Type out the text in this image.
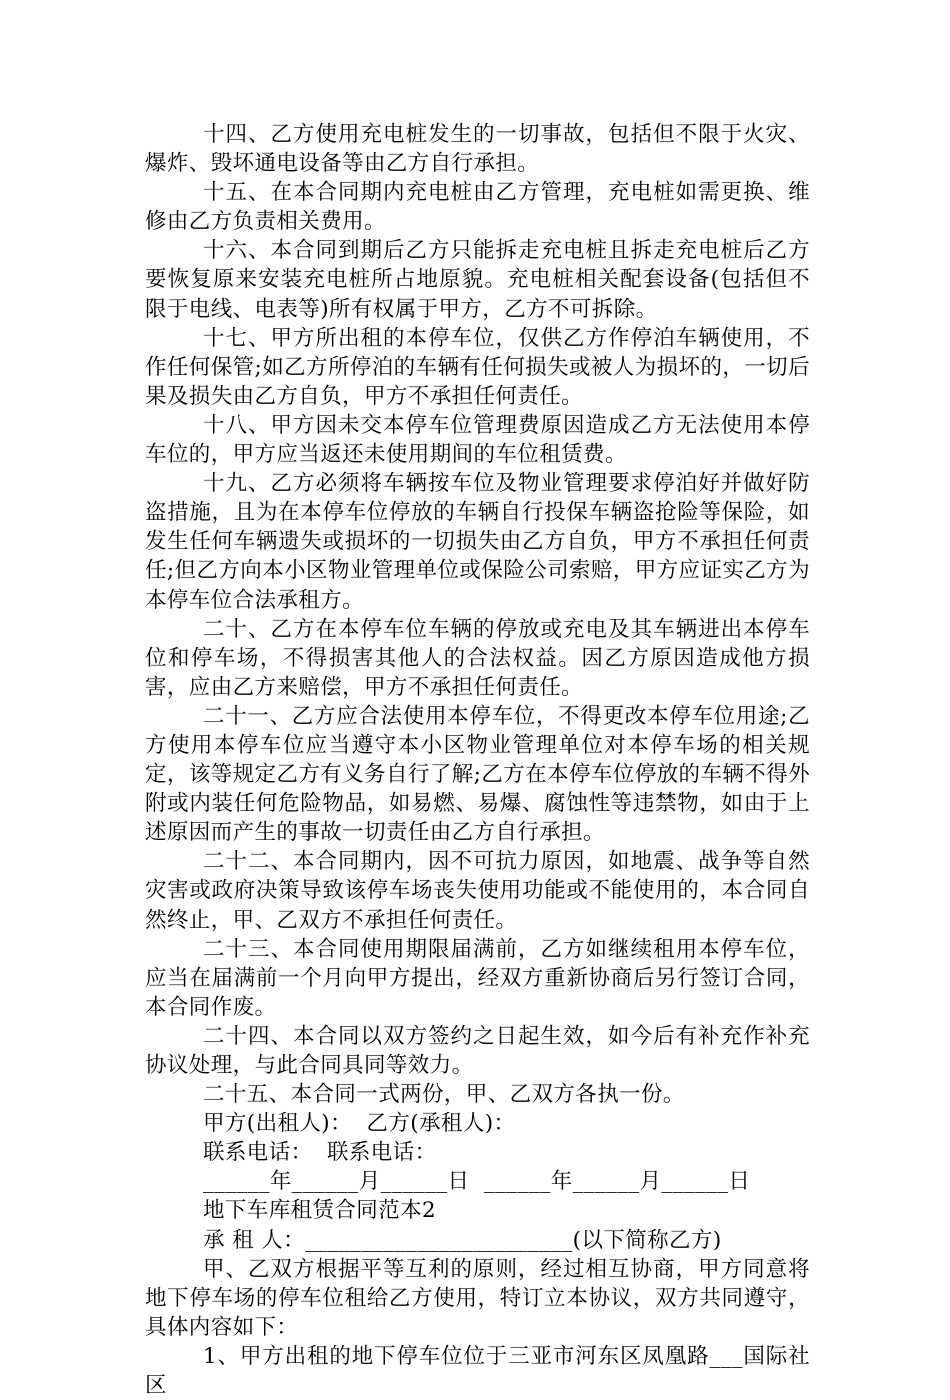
十四、乙方使用充电桩发生的一切事故，包括但不限于火灾、爆炸、毁坏通电设备等由乙方自行承担。

十五、在本合同期内充电桩由乙方管理，充电桩如需更换、维修由乙方负责相关费用。

十六、本合同到期后乙方只能拆走充电桩且拆走充电桩后乙方要恢复原来安装充电桩所占地原貌。充电桩相关配套设备(包括但不限于电线、电表等)所有权属于甲方，乙方不可拆除。

十七、甲方所出租的本停车位，仅供乙方作停泊车辆使用，不作任何保管;如乙方所停泊的车辆有任何损失或被人为损坏的，一切后果及损失由乙方自负，甲方不承担任何责任。

十八、甲方因未交本停车位管理费原因造成乙方无法使用本停车位的，甲方应当返还未使用期间的车位租赁费。

十九、乙方必须将车辆按车位及物业管理要求停泊好并做好防盗措施，且为在本停车位停放的车辆自行投保车辆盗抢险等保险，如发生任何车辆遗失或损坏的一切损失由乙方自负，甲方不承担任何责任;但乙方向本小区物业管理单位或保险公司索赔，甲方应证实乙方为本停车位合法承租方。

二十、乙方在本停车位车辆的停放或充电及其车辆进出本停车位和停车场，不得损害其他人的合法权益。因乙方原因造成他方损害，应由乙方来赔偿，甲方不承担任何责任。

二十一、乙方应合法使用本停车位，不得更改本停车位用途;乙方使用本停车位应当遵守本小区物业管理单位对本停车场的相关规定，该等规定乙方有义务自行了解;乙方在本停车位停放的车辆不得外附或内装任何危险物品，如易燃、易爆、腐蚀性等违禁物，如由于上述原因而产生的事故一切责任由乙方自行承担。

二十二、本合同期内，因不可抗力原因，如地震、战争等自然灾害或政府决策导致该停车场丧失使用功能或不能使用的，本合同自然终止，甲、乙双方不承担任何责任。

二十三、本合同使用期限届满前，乙方如继续租用本停车位，应当在届满前一个月向甲方提出，经双方重新协商后另行签订合同，本合同作废。

二十四、本合同以双方签约之日起生效，如今后有补充作补充协议处理，与此合同具同等效力。

二十五、本合同一式两份，甲、乙双方各执一份。

甲方(出租人)：  乙方(承租人)：

联系电话：  联系电话：

______年______月______日  ______年______月______日

地下车库租赁合同范本2

承 租 人：________________________(以下简称乙方)

甲、乙双方根据平等互利的原则，经过相互协商，甲方同意将地下停车场的停车位租给乙方使用，特订立本协议，双方共同遵守，具体内容如下：

1、甲方出租的地下停车位位于三亚市河东区凤凰路___国际社区
